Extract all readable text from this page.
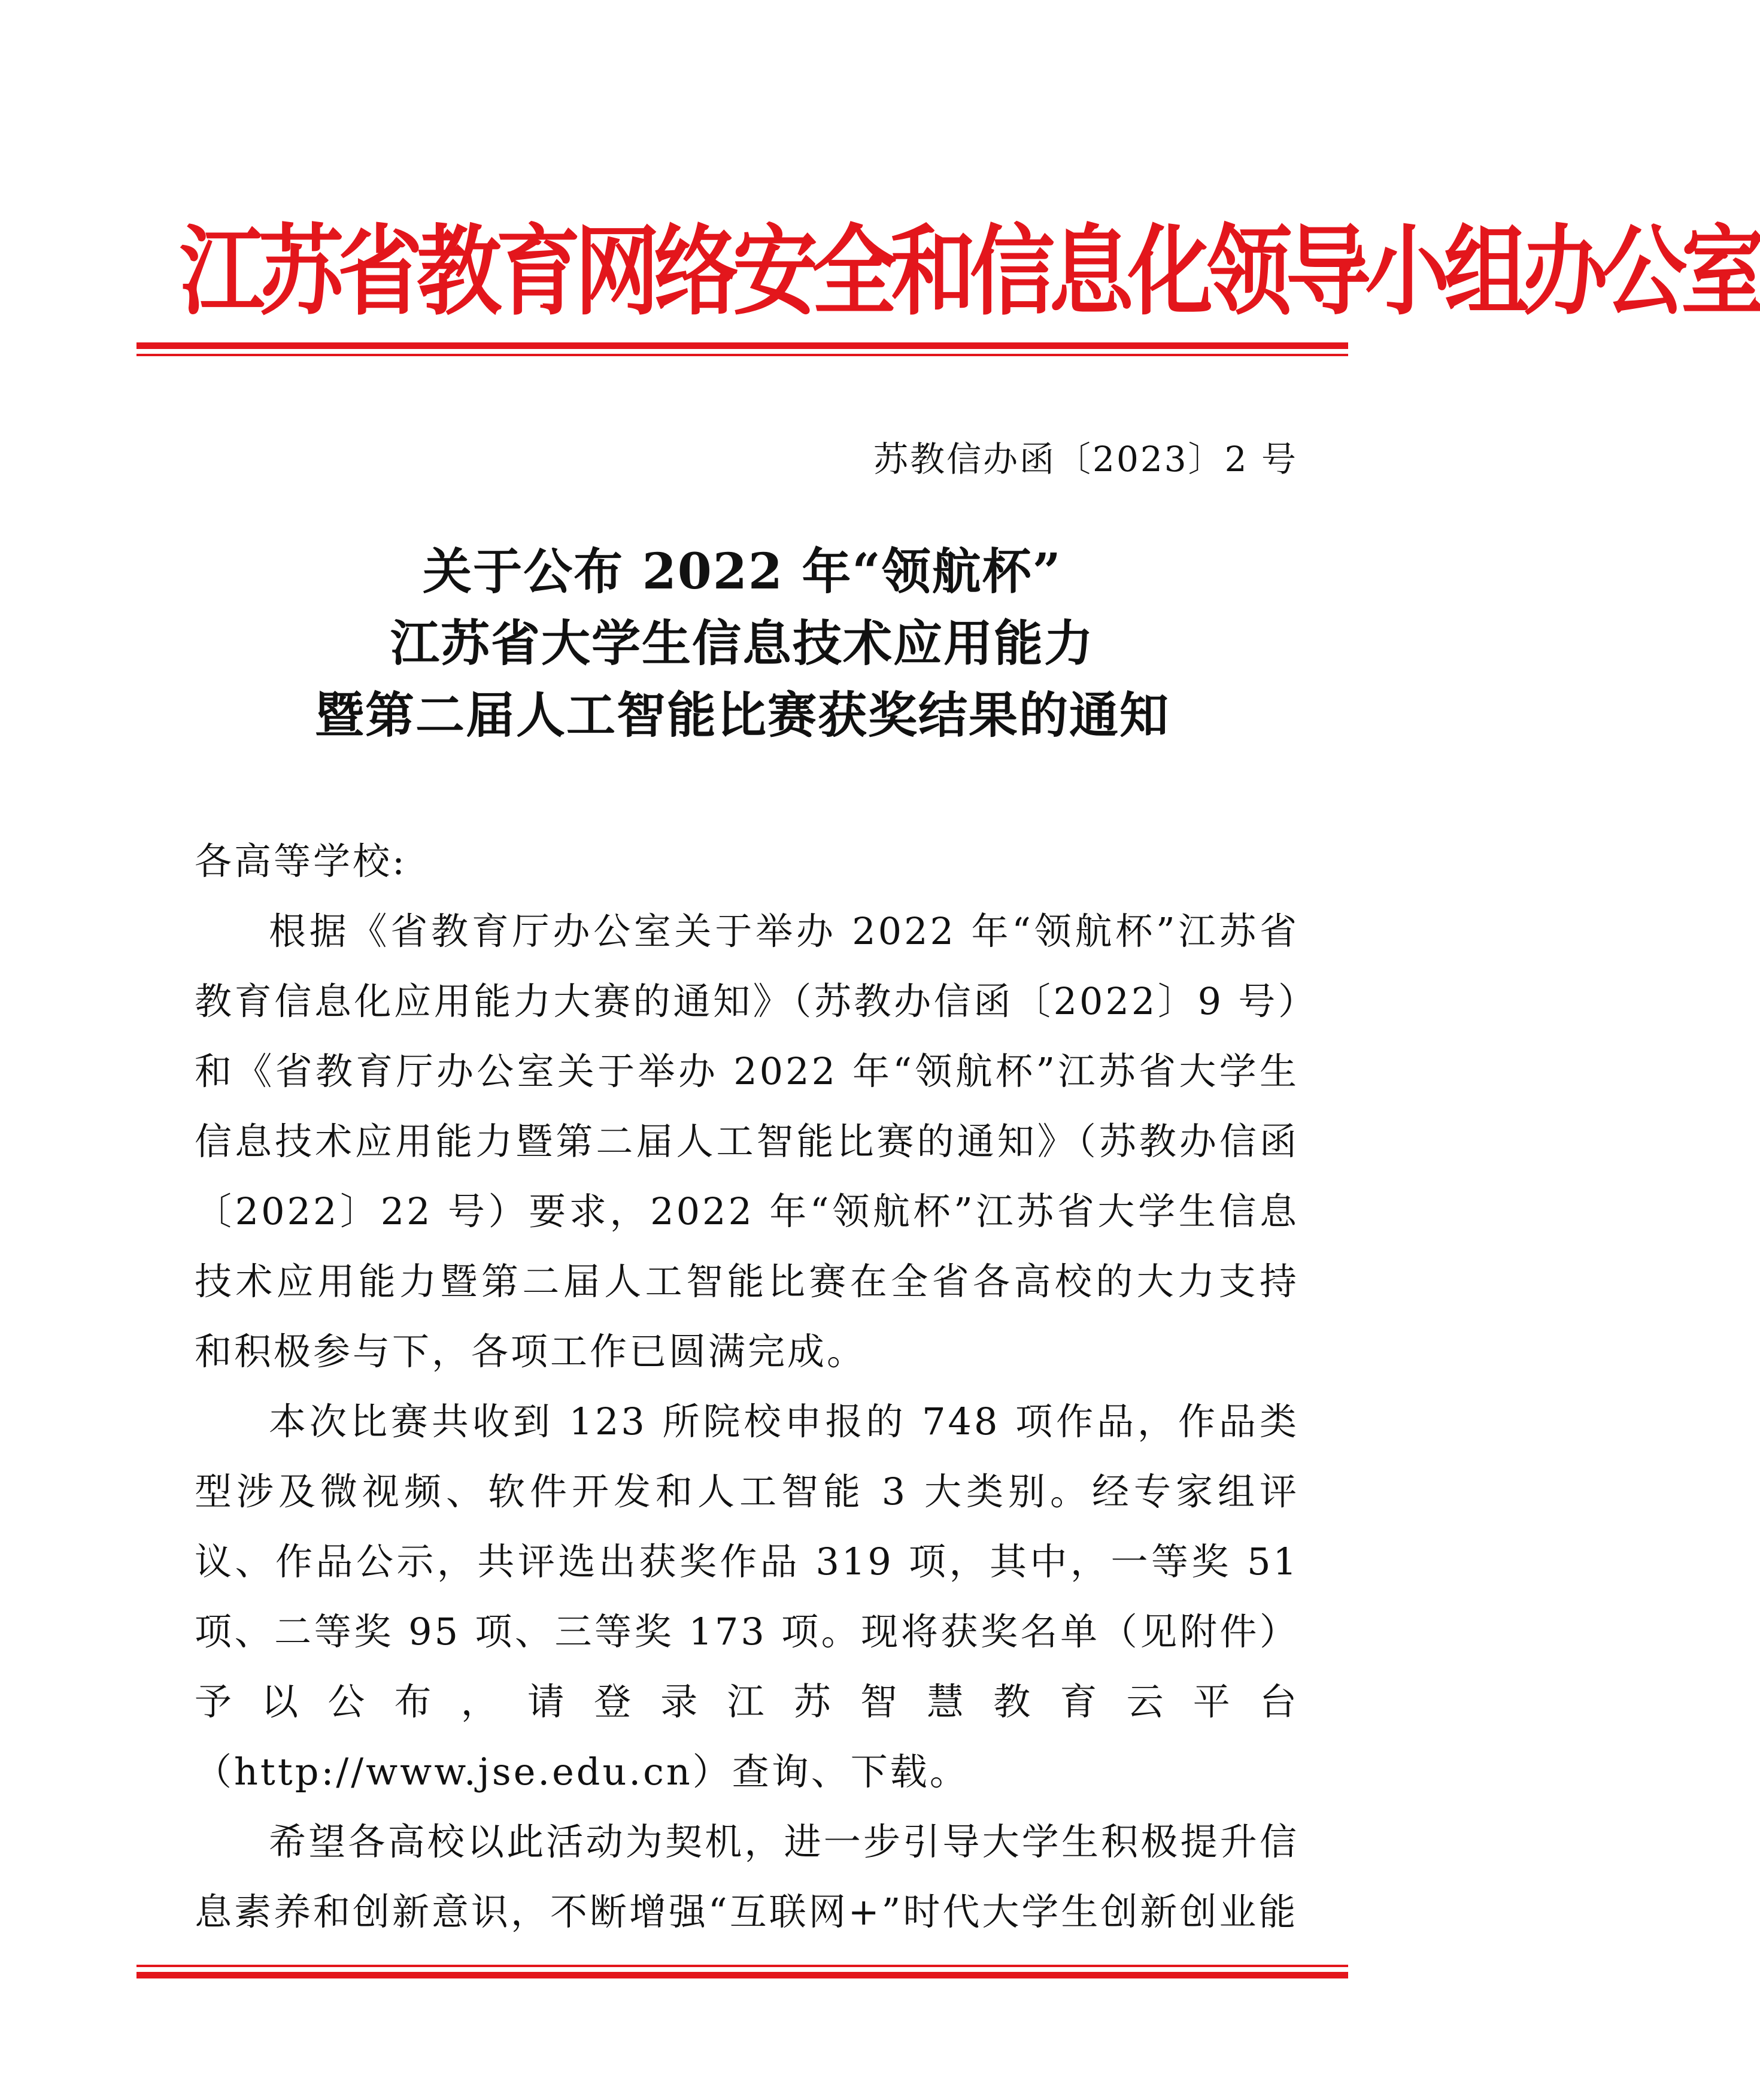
江苏省教育网络安全和信息化领导小组办公室
苏教信办函〔2023〕2 号
关于公布 2022 年“领航杯”
江苏省大学生信息技术应用能力
暨第二届人工智能比赛获奖结果的通知

各高等学校:

根据《省教育厅办公室关于举办 2022 年“领航杯”江苏省教育信息化应用能力大赛的通知》（苏教办信函〔2022〕9 号）和《省教育厅办公室关于举办 2022 年“领航杯”江苏省大学生信息技术应用能力暨第二届人工智能比赛的通知》（苏教办信函〔2022〕22 号）要求，2022 年“领航杯”江苏省大学生信息技术应用能力暨第二届人工智能比赛在全省各高校的大力支持和积极参与下，各项工作已圆满完成。

本次比赛共收到 123 所院校申报的 748 项作品，作品类型涉及微视频、软件开发和人工智能 3 大类别。经专家组评议、作品公示，共评选出获奖作品 319 项，其中，一等奖 51 项、二等奖 95 项、三等奖 173 项。现将获奖名单（见附件）予以公布，请登录江苏智慧教育云平台（http://www.jse.edu.cn）查询、下载。

希望各高校以此活动为契机，进一步引导大学生积极提升信息素养和创新意识，不断增强“互联网+”时代大学生创新创业能
